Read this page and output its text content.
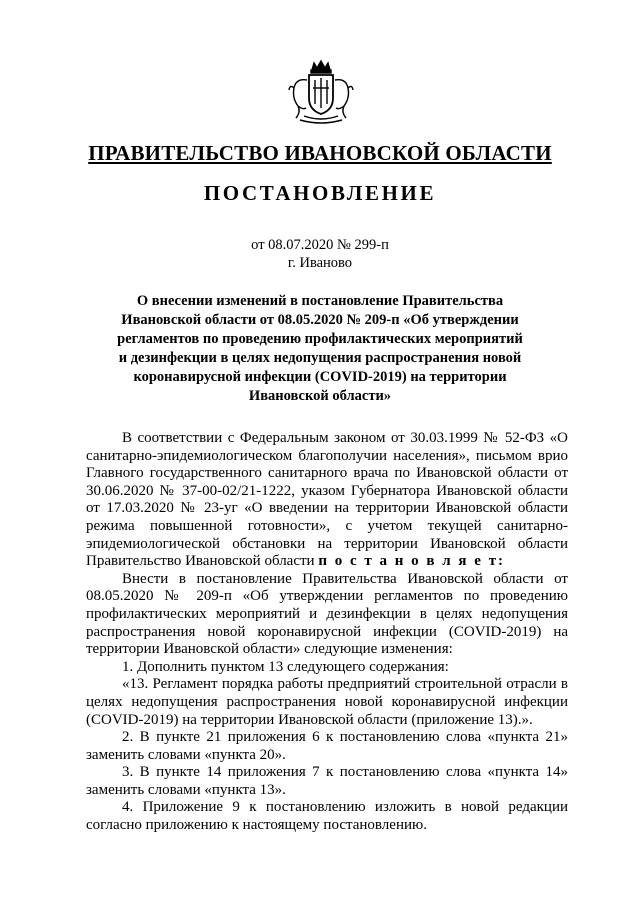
ПРАВИТЕЛЬСТВО ИВАНОВСКОЙ ОБЛАСТИ
ПОСТАНОВЛЕНИЕ
от 08.07.2020 № 299-п
г. Иваново
О внесении изменений в постановление Правительства
Ивановской области от 08.05.2020 № 209-п «Об утверждении
регламентов по проведению профилактических мероприятий
и дезинфекции в целях недопущения распространения новой
коронавирусной инфекции (COVID-2019) на территории
Ивановской области»

В соответствии с Федеральным законом от 30.03.1999 № 52-ФЗ «О санитарно-эпидемиологическом благополучии населения», письмом врио Главного государственного санитарного врача по Ивановской области от 30.06.2020 № 37-00-02/21-1222, указом Губернатора Ивановской области от 17.03.2020 № 23-уг «О введении на территории Ивановской области режима повышенной готовности», с учетом текущей санитарно-эпидемиологической обстановки на территории Ивановской области Правительство Ивановской области п о с т а н о в л я е т:

Внести в постановление Правительства Ивановской области от 08.05.2020 № 209-п «Об утверждении регламентов по проведению профилактических мероприятий и дезинфекции в целях недопущения распространения новой коронавирусной инфекции (COVID-2019) на территории Ивановской области» следующие изменения:

1. Дополнить пунктом 13 следующего содержания:

«13. Регламент порядка работы предприятий строительной отрасли в целях недопущения распространения новой коронавирусной инфекции (COVID-2019) на территории Ивановской области (приложение 13).».

2. В пункте 21 приложения 6 к постановлению слова «пункта 21» заменить словами «пункта 20».

3. В пункте 14 приложения 7 к постановлению слова «пункта 14» заменить словами «пункта 13».

4. Приложение 9 к постановлению изложить в новой редакции согласно приложению к настоящему постановлению.
